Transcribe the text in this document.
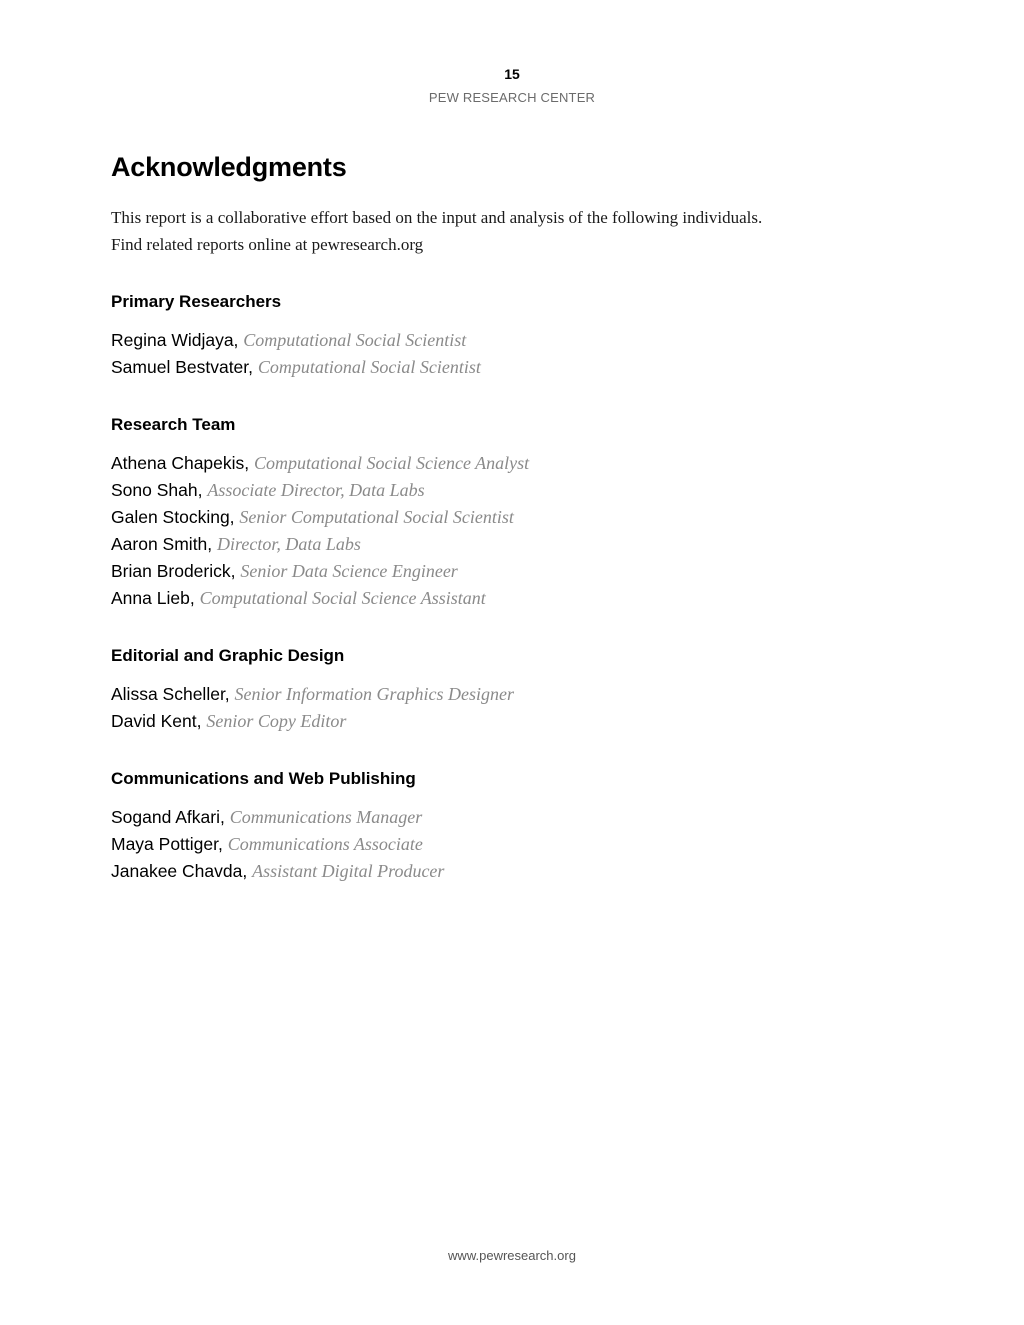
15
PEW RESEARCH CENTER
Acknowledgments

This report is a collaborative effort based on the input and analysis of the following individuals.
Find related reports online at pewresearch.org

Primary Researchers
Regina Widjaya, Computational Social Scientist
Samuel Bestvater, Computational Social Scientist
Research Team
Athena Chapekis, Computational Social Science Analyst
Sono Shah, Associate Director, Data Labs
Galen Stocking, Senior Computational Social Scientist
Aaron Smith, Director, Data Labs
Brian Broderick, Senior Data Science Engineer
Anna Lieb, Computational Social Science Assistant
Editorial and Graphic Design
Alissa Scheller, Senior Information Graphics Designer
David Kent, Senior Copy Editor
Communications and Web Publishing
Sogand Afkari, Communications Manager
Maya Pottiger, Communications Associate
Janakee Chavda, Assistant Digital Producer
www.pewresearch.org
